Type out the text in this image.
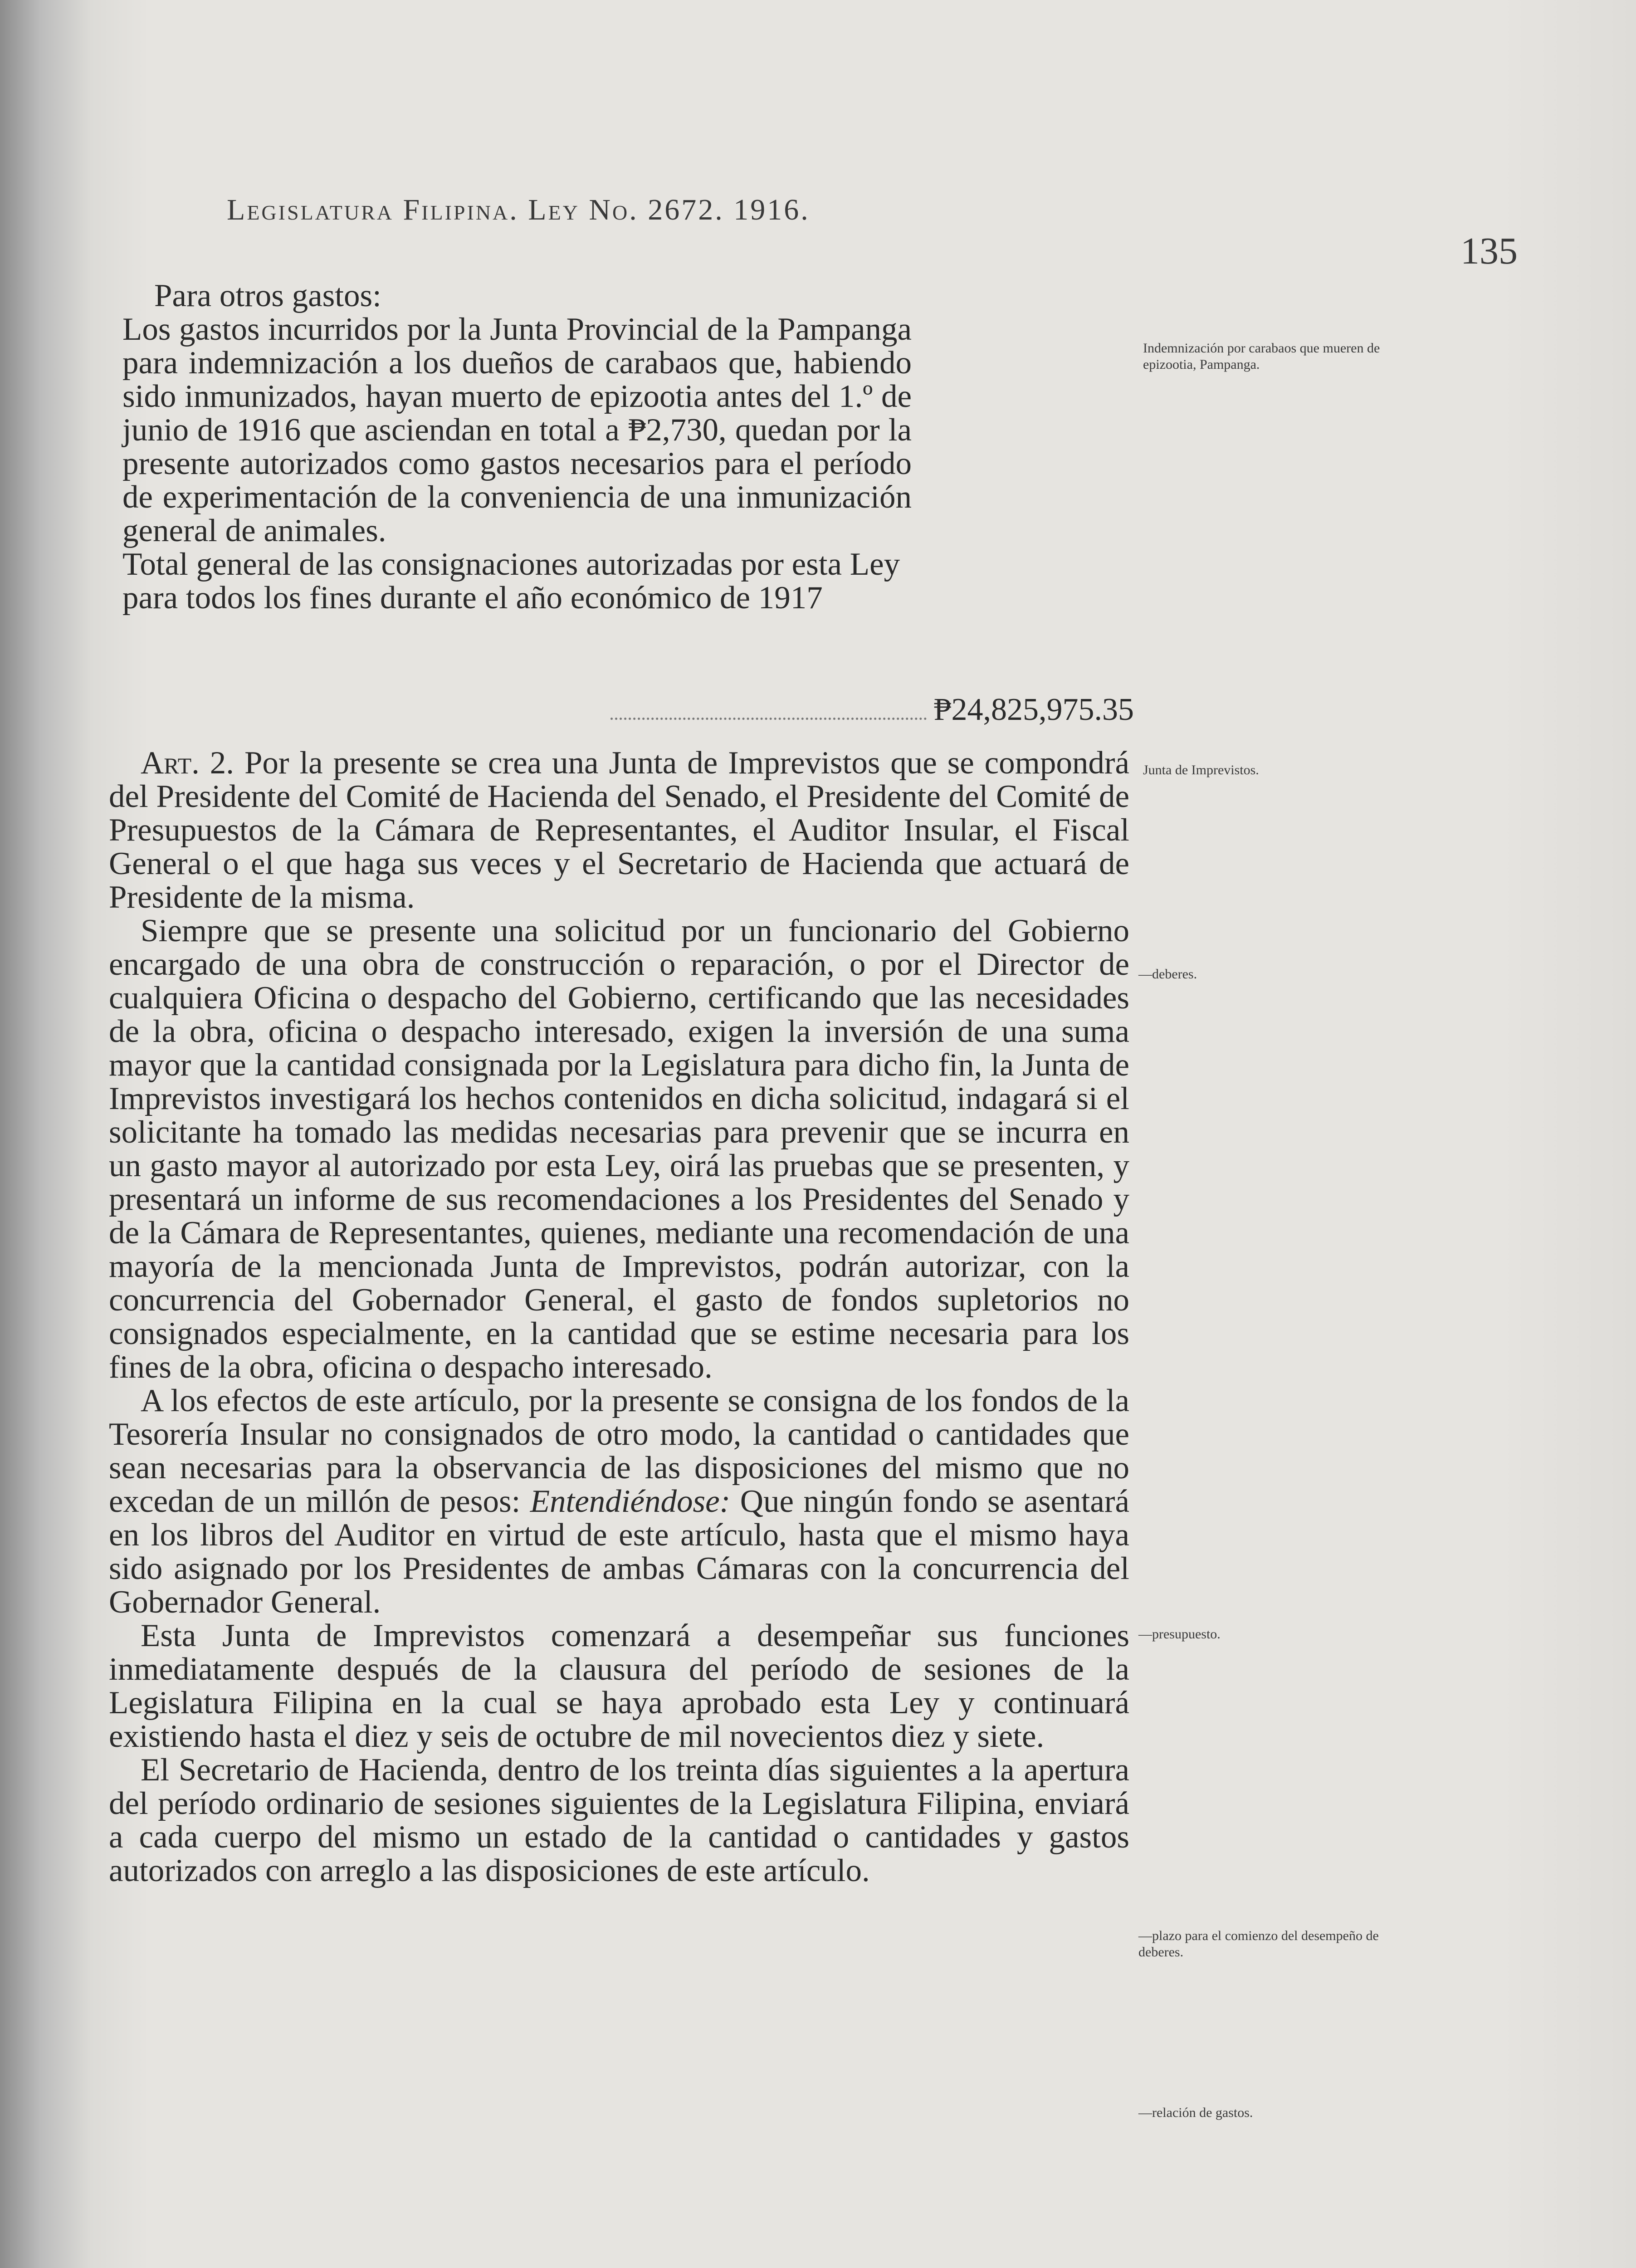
Legislatura Filipina. Ley No. 2672. 1916.
135

Para otros gastos:

Los gastos incurridos por la Junta Provincial de la Pampanga para indemnización a los dueños de carabaos que, habiendo sido inmunizados, hayan muerto de epizootia antes del 1.º de junio de 1916 que asciendan en total a ₱2,730, quedan por la presente autorizados como gastos necesarios para el período de experimentación de la conveniencia de una inmunización general de animales.

Total general de las consignaciones autorizadas por esta Ley para todos los fines durante el año económico de 1917

₱24,825,975.35

Art. 2. Por la presente se crea una Junta de Imprevistos que se compondrá del Presidente del Comité de Hacienda del Senado, el Presidente del Comité de Presupuestos de la Cámara de Representantes, el Auditor Insular, el Fiscal General o el que haga sus veces y el Secretario de Hacienda que actuará de Presidente de la misma.

Siempre que se presente una solicitud por un funcionario del Gobierno encargado de una obra de construcción o reparación, o por el Director de cualquiera Oficina o despacho del Gobierno, certificando que las necesidades de la obra, oficina o despacho interesado, exigen la inversión de una suma mayor que la cantidad consignada por la Legislatura para dicho fin, la Junta de Imprevistos investigará los hechos contenidos en dicha solicitud, indagará si el solicitante ha tomado las medidas necesarias para prevenir que se incurra en un gasto mayor al autorizado por esta Ley, oirá las pruebas que se presenten, y presentará un informe de sus recomendaciones a los Presidentes del Senado y de la Cámara de Representantes, quienes, mediante una recomendación de una mayoría de la mencionada Junta de Imprevistos, podrán autorizar, con la concurrencia del Gobernador General, el gasto de fondos supletorios no consignados especialmente, en la cantidad que se estime necesaria para los fines de la obra, oficina o despacho interesado.

A los efectos de este artículo, por la presente se consigna de los fondos de la Tesorería Insular no consignados de otro modo, la cantidad o cantidades que sean necesarias para la observancia de las disposiciones del mismo que no excedan de un millón de pesos: Entendiéndose: Que ningún fondo se asentará en los libros del Auditor en virtud de este artículo, hasta que el mismo haya sido asignado por los Presidentes de ambas Cámaras con la concurrencia del Gobernador General.

Esta Junta de Imprevistos comenzará a desempeñar sus funciones inmediatamente después de la clausura del período de sesiones de la Legislatura Filipina en la cual se haya aprobado esta Ley y continuará existiendo hasta el diez y seis de octubre de mil novecientos diez y siete.

El Secretario de Hacienda, dentro de los treinta días siguientes a la apertura del período ordinario de sesiones siguientes de la Legislatura Filipina, enviará a cada cuerpo del mismo un estado de la cantidad o cantidades y gastos autorizados con arreglo a las disposiciones de este artículo.

Indemnización por carabaos que mueren de epizootia, Pampanga.
Junta de Imprevistos.
—deberes.
—presupuesto.
—plazo para el comienzo del desempeño de deberes.
—relación de gastos.
